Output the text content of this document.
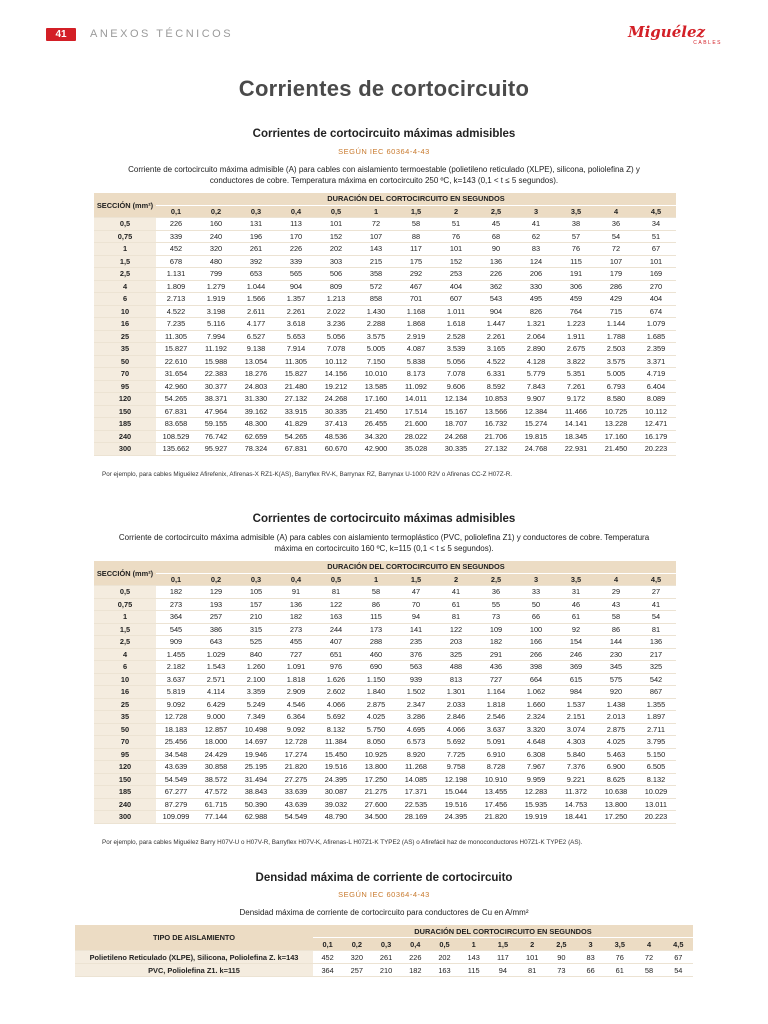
41	ANEXOS TÉCNICOS	Miguélez
CABLES
Corrientes de cortocircuito
Corrientes de cortocircuito máximas admisibles
SEGÚN IEC 60364-4-43
Corriente de cortocircuito máxima admisible (A) para cables con aislamiento termoestable (polietileno reticulado (XLPE), silicona, poliolefina Z) y conductores de cobre. Temperatura máxima en cortocircuito 250 ºC, k=143 (0,1 < t ≤ 5 segundos).
SECCIÓN (mm²)	DURACIÓN DEL CORTOCIRCUITO EN SEGUNDOS												
	0,1	0,2	0,3	0,4	0,5	1	1,5	2	2,5	3	3,5	4	4,5
0,5	226	160	131	113	101	72	58	51	45	41	38	36	34
0,75	339	240	196	170	152	107	88	76	68	62	57	54	51
1	452	320	261	226	202	143	117	101	90	83	76	72	67
1,5	678	480	392	339	303	215	175	152	136	124	115	107	101
2,5	1.131	799	653	565	506	358	292	253	226	206	191	179	169
4	1.809	1.279	1.044	904	809	572	467	404	362	330	306	286	270
6	2.713	1.919	1.566	1.357	1.213	858	701	607	543	495	459	429	404
10	4.522	3.198	2.611	2.261	2.022	1.430	1.168	1.011	904	826	764	715	674
16	7.235	5.116	4.177	3.618	3.236	2.288	1.868	1.618	1.447	1.321	1.223	1.144	1.079
25	11.305	7.994	6.527	5.653	5.056	3.575	2.919	2.528	2.261	2.064	1.911	1.788	1.685
35	15.827	11.192	9.138	7.914	7.078	5.005	4.087	3.539	3.165	2.890	2.675	2.503	2.359
50	22.610	15.988	13.054	11.305	10.112	7.150	5.838	5.056	4.522	4.128	3.822	3.575	3.371
70	31.654	22.383	18.276	15.827	14.156	10.010	8.173	7.078	6.331	5.779	5.351	5.005	4.719
95	42.960	30.377	24.803	21.480	19.212	13.585	11.092	9.606	8.592	7.843	7.261	6.793	6.404
120	54.265	38.371	31.330	27.132	24.268	17.160	14.011	12.134	10.853	9.907	9.172	8.580	8.089
150	67.831	47.964	39.162	33.915	30.335	21.450	17.514	15.167	13.566	12.384	11.466	10.725	10.112
185	83.658	59.155	48.300	41.829	37.413	26.455	21.600	18.707	16.732	15.274	14.141	13.228	12.471
240	108.529	76.742	62.659	54.265	48.536	34.320	28.022	24.268	21.706	19.815	18.345	17.160	16.179
300	135.662	95.927	78.324	67.831	60.670	42.900	35.028	30.335	27.132	24.768	22.931	21.450	20.223
Por ejemplo, para cables Miguélez Afirefenix, Afirenas-X RZ1-K(AS), Barryflex RV-K, Barrynax RZ, Barrynax U-1000 R2V o Afirenas CC-Z H07Z-R.
Corrientes de cortocircuito máximas admisibles
Corriente de cortocircuito máxima admisible (A) para cables con aislamiento termoplástico (PVC, poliolefina Z1) y conductores de cobre. Temperatura máxima en cortocircuito 160 ºC, k=115 (0,1 < t ≤ 5 segundos).
SECCIÓN (mm²)	DURACIÓN DEL CORTOCIRCUITO EN SEGUNDOS												
	0,1	0,2	0,3	0,4	0,5	1	1,5	2	2,5	3	3,5	4	4,5
0,5	182	129	105	91	81	58	47	41	36	33	31	29	27
0,75	273	193	157	136	122	86	70	61	55	50	46	43	41
1	364	257	210	182	163	115	94	81	73	66	61	58	54
1,5	545	386	315	273	244	173	141	122	109	100	92	86	81
2,5	909	643	525	455	407	288	235	203	182	166	154	144	136
4	1.455	1.029	840	727	651	460	376	325	291	266	246	230	217
6	2.182	1.543	1.260	1.091	976	690	563	488	436	398	369	345	325
10	3.637	2.571	2.100	1.818	1.626	1.150	939	813	727	664	615	575	542
16	5.819	4.114	3.359	2.909	2.602	1.840	1.502	1.301	1.164	1.062	984	920	867
25	9.092	6.429	5.249	4.546	4.066	2.875	2.347	2.033	1.818	1.660	1.537	1.438	1.355
35	12.728	9.000	7.349	6.364	5.692	4.025	3.286	2.846	2.546	2.324	2.151	2.013	1.897
50	18.183	12.857	10.498	9.092	8.132	5.750	4.695	4.066	3.637	3.320	3.074	2.875	2.711
70	25.456	18.000	14.697	12.728	11.384	8.050	6.573	5.692	5.091	4.648	4.303	4.025	3.795
95	34.548	24.429	19.946	17.274	15.450	10.925	8.920	7.725	6.910	6.308	5.840	5.463	5.150
120	43.639	30.858	25.195	21.820	19.516	13.800	11.268	9.758	8.728	7.967	7.376	6.900	6.505
150	54.549	38.572	31.494	27.275	24.395	17.250	14.085	12.198	10.910	9.959	9.221	8.625	8.132
185	67.277	47.572	38.843	33.639	30.087	21.275	17.371	15.044	13.455	12.283	11.372	10.638	10.029
240	87.279	61.715	50.390	43.639	39.032	27.600	22.535	19.516	17.456	15.935	14.753	13.800	13.011
300	109.099	77.144	62.988	54.549	48.790	34.500	28.169	24.395	21.820	19.919	18.441	17.250	20.223
Por ejemplo, para cables Miguélez Barry H07V-U o H07V-R, Barryflex H07V-K, Afirenas-L H07Z1-K TYPE2 (AS) o Afirefácil haz de monoconductores H07Z1-K TYPE2 (AS).
Densidad máxima de corriente de cortocircuito
SEGÚN IEC 60364-4-43
Densidad máxima de corriente de cortocircuito para conductores de Cu en A/mm²
TIPO DE AISLAMIENTO	DURACIÓN DEL CORTOCIRCUITO EN SEGUNDOS												
	0,1	0,2	0,3	0,4	0,5	1	1,5	2	2,5	3	3,5	4	4,5
Polietileno Reticulado (XLPE), Silicona, Poliolefina Z. k=143	452	320	261	226	202	143	117	101	90	83	76	72	67
PVC, Poliolefina Z1. k=115	364	257	210	182	163	115	94	81	73	66	61	58	54
